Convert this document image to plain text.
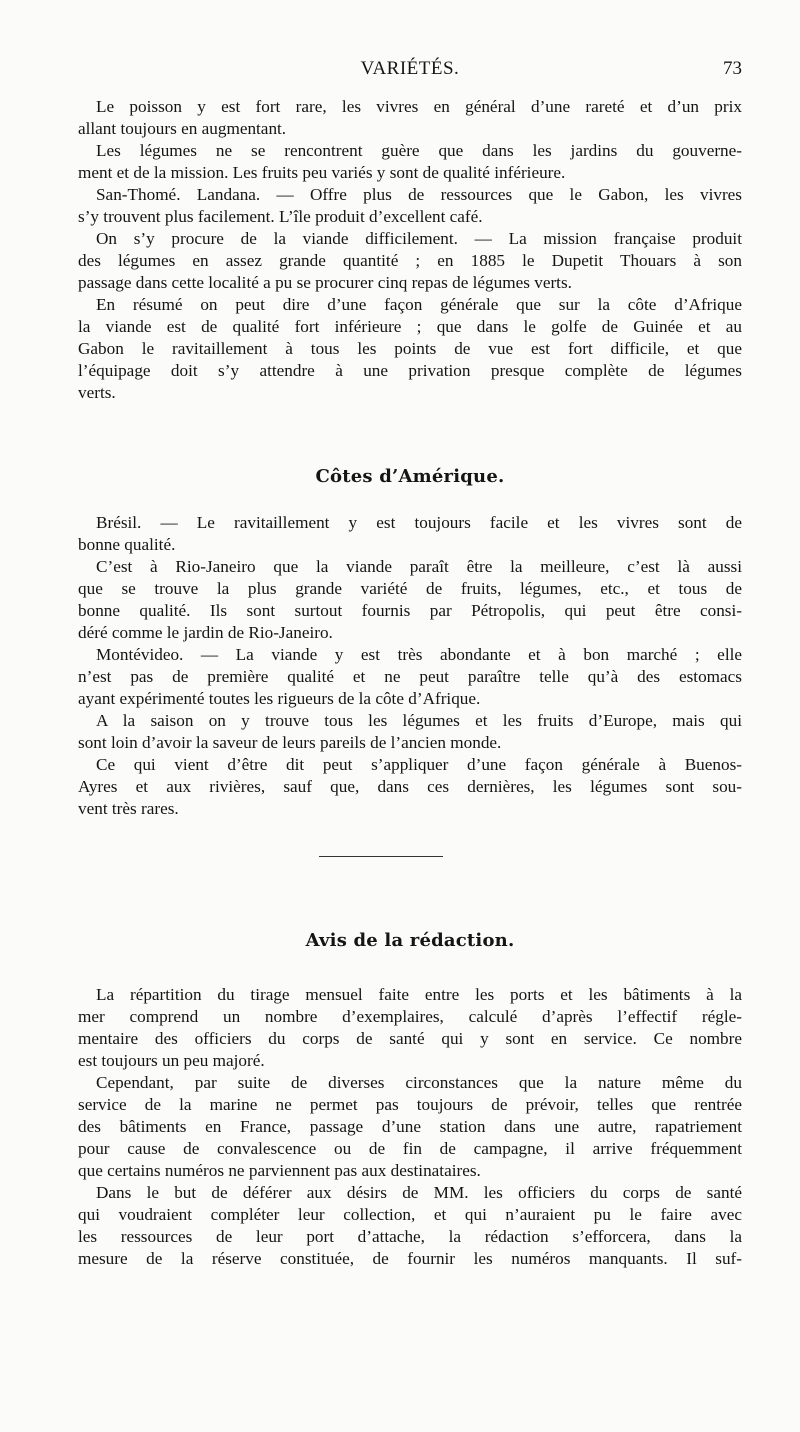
VARIÉTÉS.	73
Le poisson y est fort rare, les vivres en général d’une rareté et d’un prix
allant toujours en augmentant.
Les légumes ne se rencontrent guère que dans les jardins du gouverne-
ment et de la mission. Les fruits peu variés y sont de qualité inférieure.
San-Thomé. Landana. — Offre plus de ressources que le Gabon, les vivres
s’y trouvent plus facilement. L’île produit d’excellent café.
On s’y procure de la viande difficilement. — La mission française produit
des légumes en assez grande quantité ; en 1885 le Dupetit Thouars à son
passage dans cette localité a pu se procurer cinq repas de légumes verts.
En résumé on peut dire d’une façon générale que sur la côte d’Afrique
la viande est de qualité fort inférieure ; que dans le golfe de Guinée et au
Gabon le ravitaillement à tous les points de vue est fort difficile, et que
l’équipage doit s’y attendre à une privation presque complète de légumes
verts.
Côtes d’Amérique.
Brésil. — Le ravitaillement y est toujours facile et les vivres sont de
bonne qualité.
C’est à Rio-Janeiro que la viande paraît être la meilleure, c’est là aussi
que se trouve la plus grande variété de fruits, légumes, etc., et tous de
bonne qualité. Ils sont surtout fournis par Pétropolis, qui peut être consi-
déré comme le jardin de Rio-Janeiro.
Montévideo. — La viande y est très abondante et à bon marché ; elle
n’est pas de première qualité et ne peut paraître telle qu’à des estomacs
ayant expérimenté toutes les rigueurs de la côte d’Afrique.
A la saison on y trouve tous les légumes et les fruits d’Europe, mais qui
sont loin d’avoir la saveur de leurs pareils de l’ancien monde.
Ce qui vient d’être dit peut s’appliquer d’une façon générale à Buenos-
Ayres et aux rivières, sauf que, dans ces dernières, les légumes sont sou-
vent très rares.
Avis de la rédaction.
La répartition du tirage mensuel faite entre les ports et les bâtiments à la
mer comprend un nombre d’exemplaires, calculé d’après l’effectif régle-
mentaire des officiers du corps de santé qui y sont en service. Ce nombre
est toujours un peu majoré.
Cependant, par suite de diverses circonstances que la nature même du
service de la marine ne permet pas toujours de prévoir, telles que rentrée
des bâtiments en France, passage d’une station dans une autre, rapatriement
pour cause de convalescence ou de fin de campagne, il arrive fréquemment
que certains numéros ne parviennent pas aux destinataires.
Dans le but de déférer aux désirs de MM. les officiers du corps de santé
qui voudraient compléter leur collection, et qui n’auraient pu le faire avec
les ressources de leur port d’attache, la rédaction s’efforcera, dans la
mesure de la réserve constituée, de fournir les numéros manquants. Il suf-
